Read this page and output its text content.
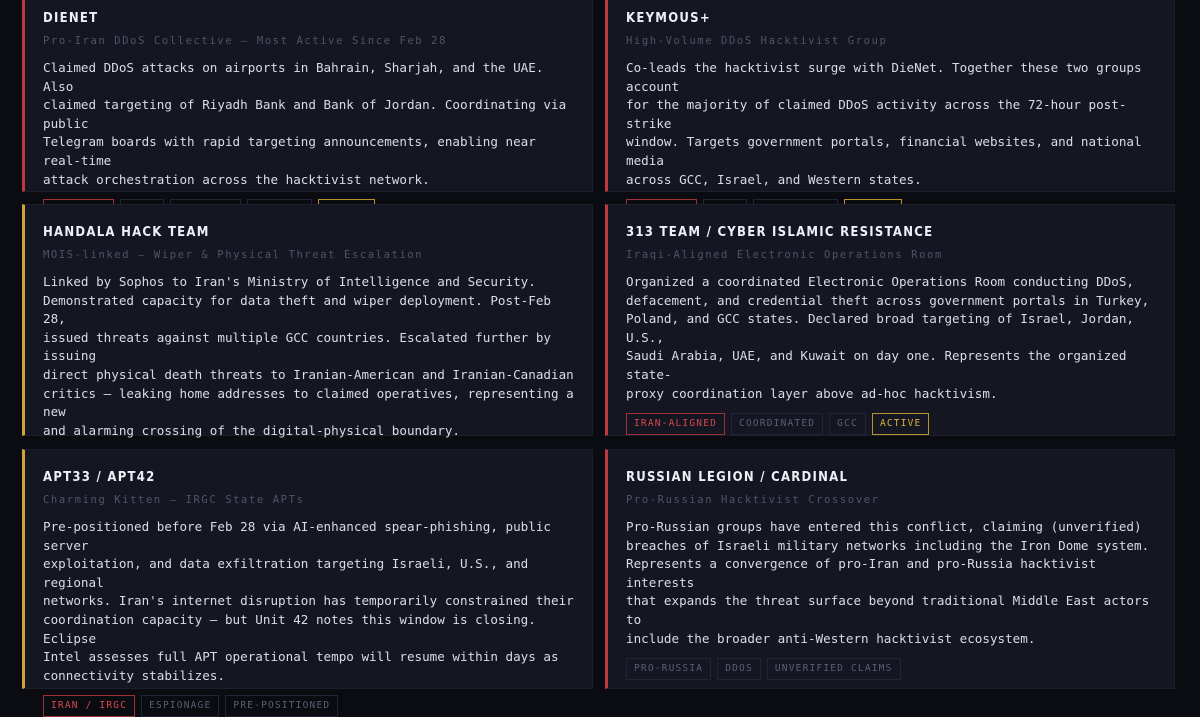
DIENET
Pro-Iran DDoS Collective — Most Active Since Feb 28
Claimed DDoS attacks on airports in Bahrain, Sharjah, and the UAE. Also
claimed targeting of Riyadh Bank and Bank of Jordan. Coordinating via public
Telegram boards with rapid targeting announcements, enabling near real-time
attack orchestration across the hacktivist network.
KEYMOUS+
High-Volume DDoS Hacktivist Group
Co-leads the hacktivist surge with DieNet. Together these two groups account
for the majority of claimed DDoS activity across the 72-hour post-strike
window. Targets government portals, financial websites, and national media
across GCC, Israel, and Western states.
HANDALA HACK TEAM
MOIS-linked — Wiper & Physical Threat Escalation
Linked by Sophos to Iran's Ministry of Intelligence and Security.
Demonstrated capacity for data theft and wiper deployment. Post-Feb 28,
issued threats against multiple GCC countries. Escalated further by issuing
direct physical death threats to Iranian-American and Iranian-Canadian
critics — leaking home addresses to claimed operatives, representing a new
and alarming crossing of the digital-physical boundary.
313 TEAM / CYBER ISLAMIC RESISTANCE
Iraqi-Aligned Electronic Operations Room
Organized a coordinated Electronic Operations Room conducting DDoS,
defacement, and credential theft across government portals in Turkey,
Poland, and GCC states. Declared broad targeting of Israel, Jordan, U.S.,
Saudi Arabia, UAE, and Kuwait on day one. Represents the organized state-
proxy coordination layer above ad-hoc hacktivism.
IRAN-ALIGNED	COORDINATED	GCC	ACTIVE
APT33 / APT42
Charming Kitten — IRGC State APTs
Pre-positioned before Feb 28 via AI-enhanced spear-phishing, public server
exploitation, and data exfiltration targeting Israeli, U.S., and regional
networks. Iran's internet disruption has temporarily constrained their
coordination capacity — but Unit 42 notes this window is closing. Eclipse
Intel assesses full APT operational tempo will resume within days as
connectivity stabilizes.
IRAN / IRGC	ESPIONAGE	PRE-POSITIONED
RUSSIAN LEGION / CARDINAL
Pro-Russian Hacktivist Crossover
Pro-Russian groups have entered this conflict, claiming (unverified)
breaches of Israeli military networks including the Iron Dome system.
Represents a convergence of pro-Iran and pro-Russia hacktivist interests
that expands the threat surface beyond traditional Middle East actors to
include the broader anti-Western hacktivist ecosystem.
PRO-RUSSIA	DDOS	UNVERIFIED CLAIMS
